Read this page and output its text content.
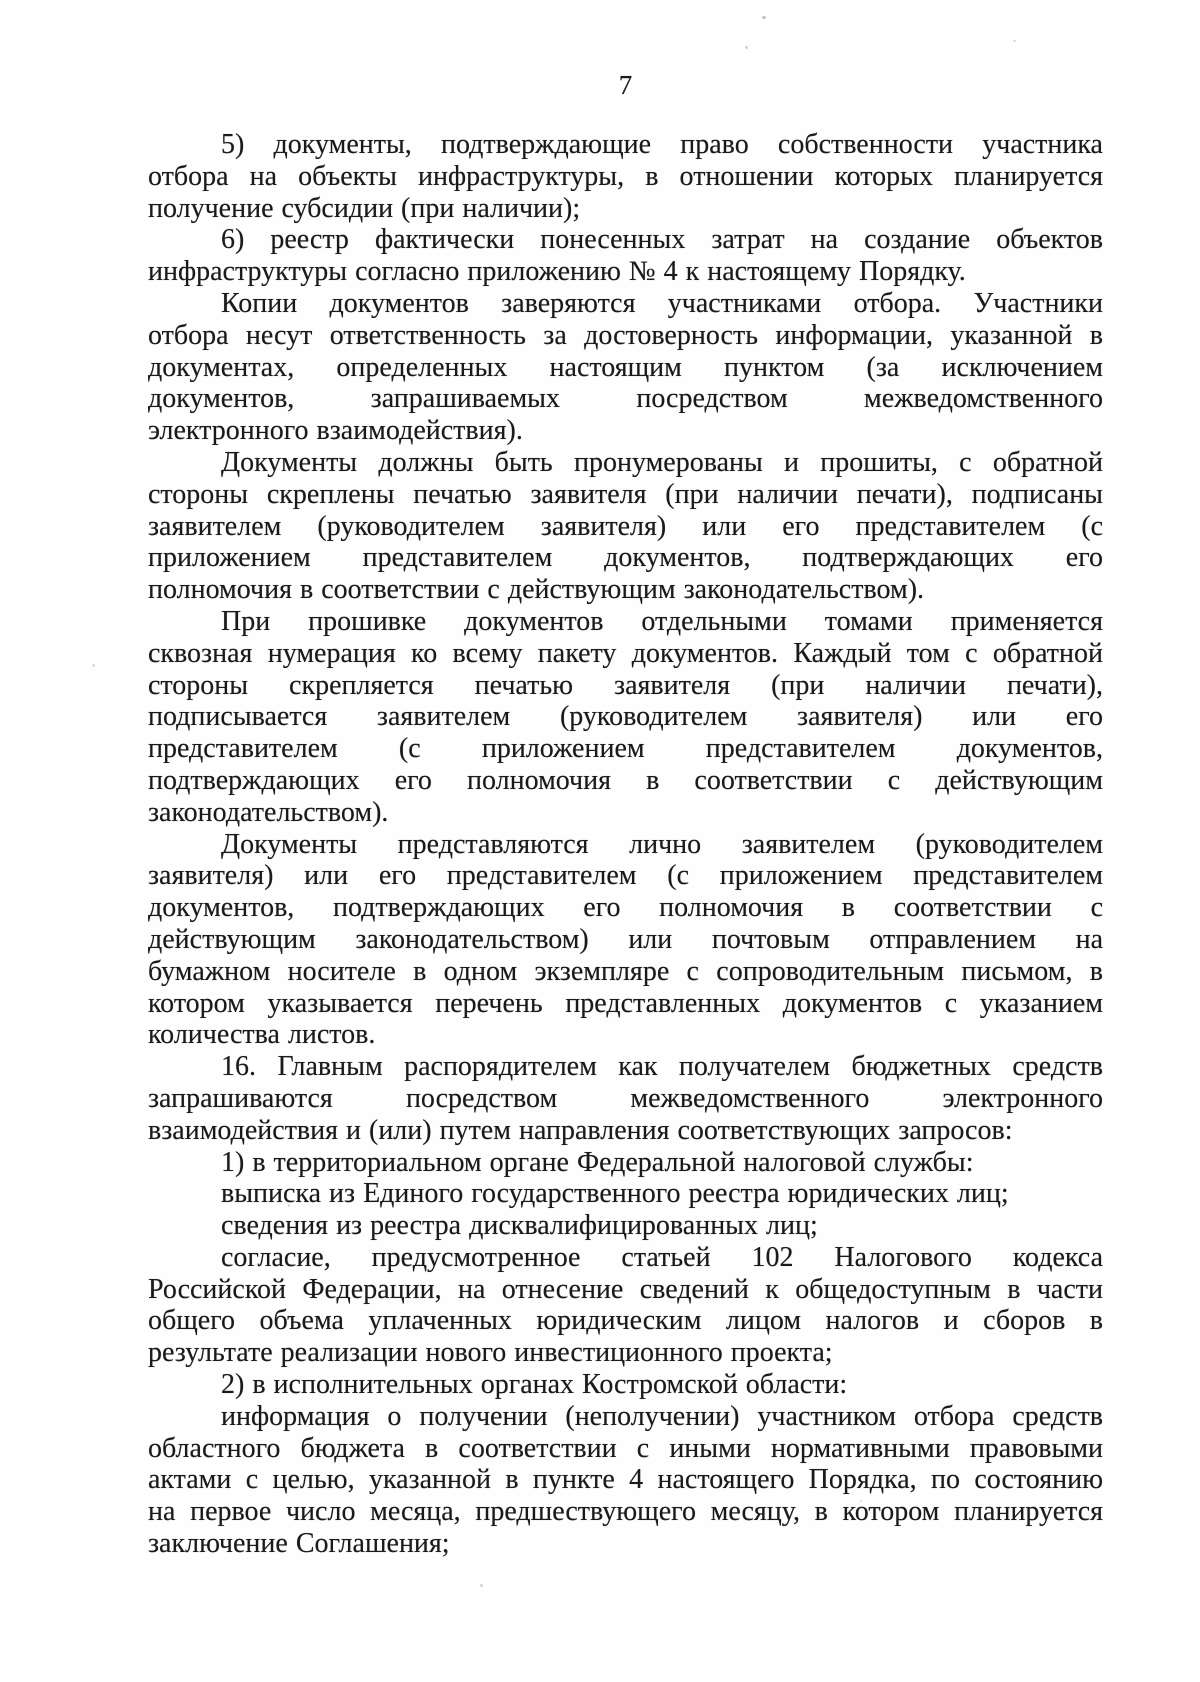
7
5) документы, подтверждающие право собственности участника
отбора на объекты инфраструктуры, в отношении которых планируется
получение субсидии (при наличии);
6) реестр фактически понесенных затрат на создание объектов
инфраструктуры согласно приложению № 4 к настоящему Порядку.
Копии документов заверяются участниками отбора. Участники
отбора несут ответственность за достоверность информации, указанной в
документах, определенных настоящим пунктом (за исключением
документов, запрашиваемых посредством межведомственного
электронного взаимодействия).
Документы должны быть пронумерованы и прошиты, с обратной
стороны скреплены печатью заявителя (при наличии печати), подписаны
заявителем (руководителем заявителя) или его представителем (с
приложением представителем документов, подтверждающих его
полномочия в соответствии с действующим законодательством).
При прошивке документов отдельными томами применяется
сквозная нумерация ко всему пакету документов. Каждый том с обратной
стороны скрепляется печатью заявителя (при наличии печати),
подписывается заявителем (руководителем заявителя) или его
представителем (с приложением представителем документов,
подтверждающих его полномочия в соответствии с действующим
законодательством).
Документы представляются лично заявителем (руководителем
заявителя) или его представителем (с приложением представителем
документов, подтверждающих его полномочия в соответствии с
действующим законодательством) или почтовым отправлением на
бумажном носителе в одном экземпляре с сопроводительным письмом, в
котором указывается перечень представленных документов с указанием
количества листов.
16. Главным распорядителем как получателем бюджетных средств
запрашиваются посредством межведомственного электронного
взаимодействия и (или) путем направления соответствующих запросов:
1) в территориальном органе Федеральной налоговой службы:
выписка из Единого государственного реестра юридических лиц;
сведения из реестра дисквалифицированных лиц;
согласие, предусмотренное статьей 102 Налогового кодекса
Российской Федерации, на отнесение сведений к общедоступным в части
общего объема уплаченных юридическим лицом налогов и сборов в
результате реализации нового инвестиционного проекта;
2) в исполнительных органах Костромской области:
информация о получении (неполучении) участником отбора средств
областного бюджета в соответствии с иными нормативными правовыми
актами с целью, указанной в пункте 4 настоящего Порядка, по состоянию
на первое число месяца, предшествующего месяцу, в котором планируется
заключение Соглашения;
